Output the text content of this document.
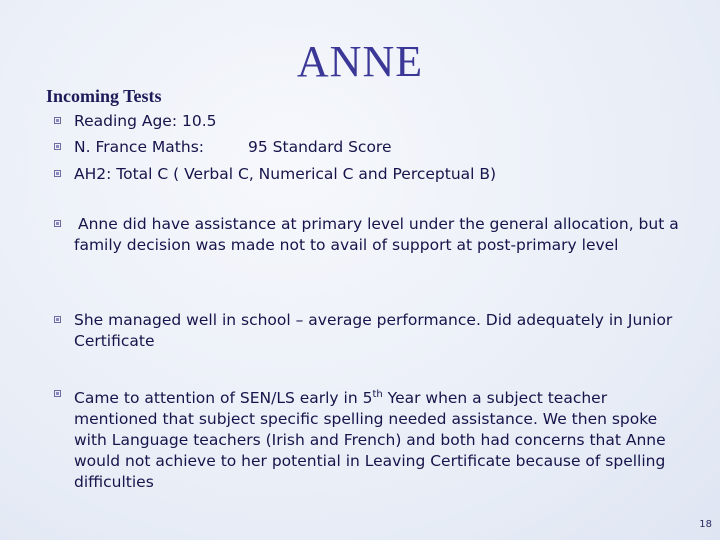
ANNE
Incoming Tests
Reading Age: 10.5
N. France Maths:	95 Standard Score
AH2: Total C ( Verbal C, Numerical C and Perceptual B)
Anne did have assistance at primary level under the general allocation, but a family decision was made not to avail of support at post-primary level
She managed well in school – average performance. Did adequately in Junior Certificate
Came to attention of SEN/LS early in 5th Year when a subject teacher mentioned that subject specific spelling needed assistance. We then spoke with Language teachers (Irish and French) and both had concerns that Anne would not achieve to her potential in Leaving Certificate because of spelling difficulties
18
